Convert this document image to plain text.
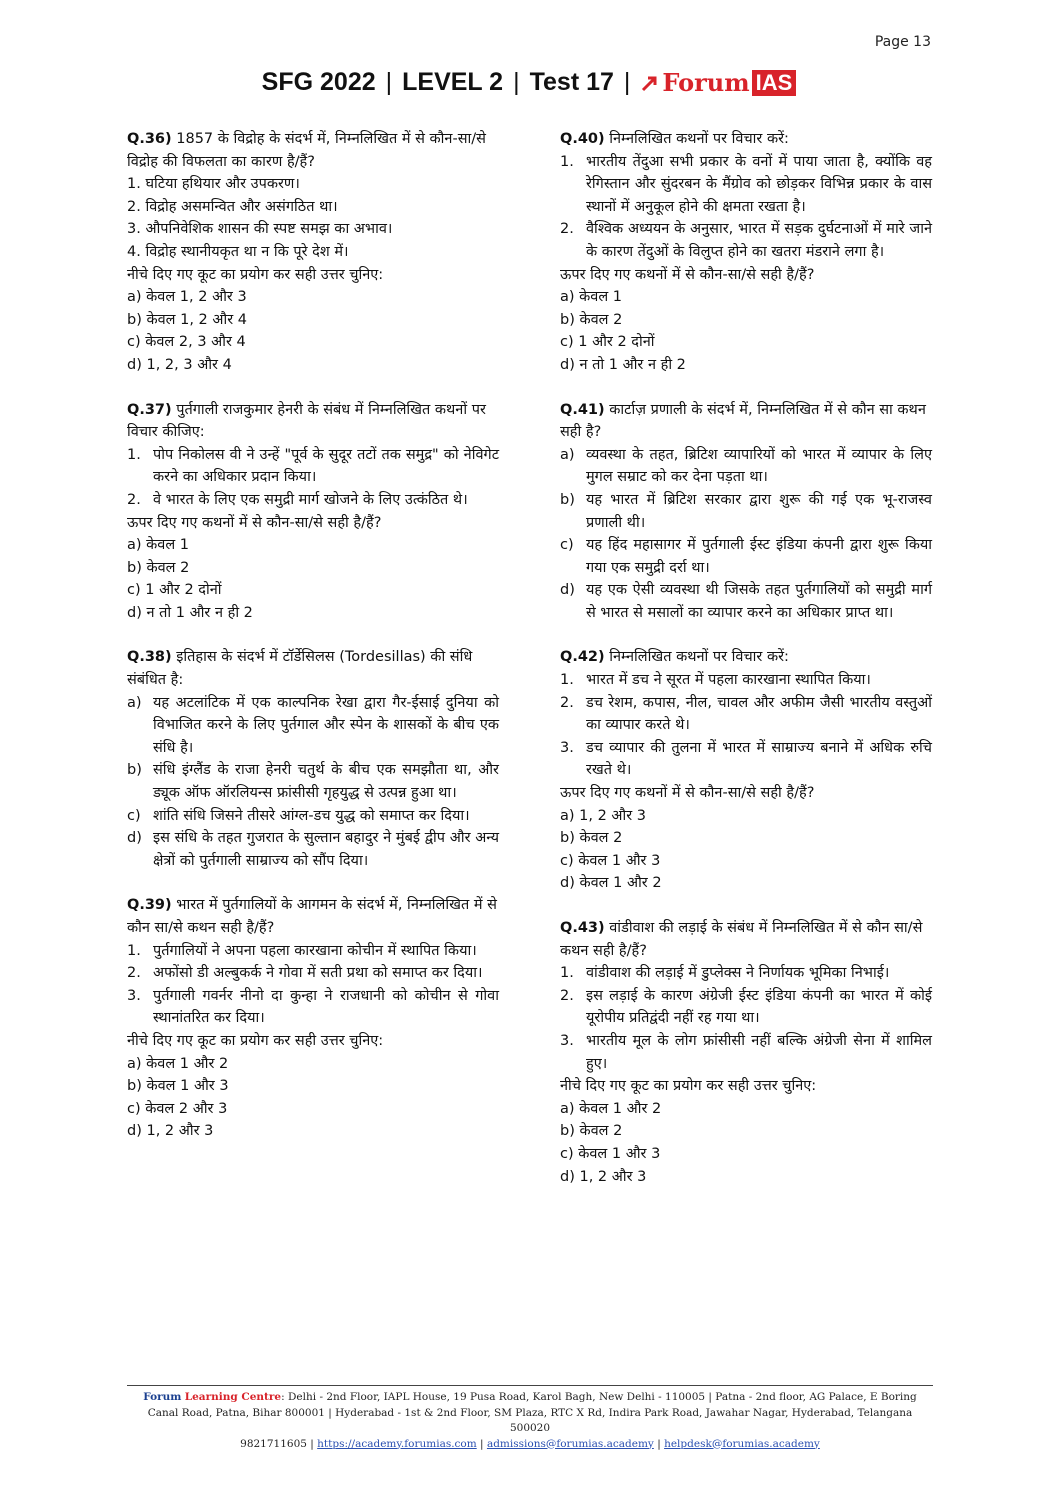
Page 13
SFG 2022 | LEVEL 2 | Test 17 | Forum IAS

Q.36) 1857 के विद्रोह के संदर्भ में, निम्नलिखित में से कौन-सा/से विद्रोह की विफलता का कारण है/हैं?

1. घटिया हथियार और उपकरण।

2. विद्रोह असमन्वित और असंगठित था।

3. औपनिवेशिक शासन की स्पष्ट समझ का अभाव।

4. विद्रोह स्थानीयकृत था न कि पूरे देश में।

नीचे दिए गए कूट का प्रयोग कर सही उत्तर चुनिए:

a) केवल 1, 2 और 3

b) केवल 1, 2 और 4

c) केवल 2, 3 और 4

d) 1, 2, 3 और 4

Q.37) पुर्तगाली राजकुमार हेनरी के संबंध में निम्नलिखित कथनों पर विचार कीजिए:

1. पोप निकोलस वी ने उन्हें "पूर्व के सुदूर तटों तक समुद्र" को नेविगेट करने का अधिकार प्रदान किया।
2. वे भारत के लिए एक समुद्री मार्ग खोजने के लिए उत्कंठित थे।

ऊपर दिए गए कथनों में से कौन-सा/से सही है/हैं?

a) केवल 1

b) केवल 2

c) 1 और 2 दोनों

d) न तो 1 और न ही 2

Q.38) इतिहास के संदर्भ में टॉर्डेसिलस (Tordesillas) की संधि संबंधित है:

a) यह अटलांटिक में एक काल्पनिक रेखा द्वारा गैर-ईसाई दुनिया को विभाजित करने के लिए पुर्तगाल और स्पेन के शासकों के बीच एक संधि है।
b) संधि इंग्लैंड के राजा हेनरी चतुर्थ के बीच एक समझौता था, और ड्यूक ऑफ ऑरलियन्स फ्रांसीसी गृहयुद्ध से उत्पन्न हुआ था।
c) शांति संधि जिसने तीसरे आंग्ल-डच युद्ध को समाप्त कर दिया।
d) इस संधि के तहत गुजरात के सुल्तान बहादुर ने मुंबई द्वीप और अन्य क्षेत्रों को पुर्तगाली साम्राज्य को सौंप दिया।

Q.39) भारत में पुर्तगालियों के आगमन के संदर्भ में, निम्नलिखित में से कौन सा/से कथन सही है/हैं?

1. पुर्तगालियों ने अपना पहला कारखाना कोचीन में स्थापित किया।
2. अफोंसो डी अल्बुकर्क ने गोवा में सती प्रथा को समाप्त कर दिया।
3. पुर्तगाली गवर्नर नीनो दा कुन्हा ने राजधानी को कोचीन से गोवा स्थानांतरित कर दिया।

नीचे दिए गए कूट का प्रयोग कर सही उत्तर चुनिए:

a) केवल 1 और 2

b) केवल 1 और 3

c) केवल 2 और 3

d) 1, 2 और 3

Q.40) निम्नलिखित कथनों पर विचार करें:

1. भारतीय तेंदुआ सभी प्रकार के वनों में पाया जाता है, क्योंकि वह रेगिस्तान और सुंदरबन के मैंग्रोव को छोड़कर विभिन्न प्रकार के वास स्थानों में अनुकूल होने की क्षमता रखता है।
2. वैश्विक अध्ययन के अनुसार, भारत में सड़क दुर्घटनाओं में मारे जाने के कारण तेंदुओं के विलुप्त होने का खतरा मंडराने लगा है।

ऊपर दिए गए कथनों में से कौन-सा/से सही है/हैं?

a) केवल 1

b) केवल 2

c) 1 और 2 दोनों

d) न तो 1 और न ही 2

Q.41) कार्टाज़ प्रणाली के संदर्भ में, निम्नलिखित में से कौन सा कथन सही है?

a) व्यवस्था के तहत, ब्रिटिश व्यापारियों को भारत में व्यापार के लिए मुगल सम्राट को कर देना पड़ता था।
b) यह भारत में ब्रिटिश सरकार द्वारा शुरू की गई एक भू-राजस्व प्रणाली थी।
c) यह हिंद महासागर में पुर्तगाली ईस्ट इंडिया कंपनी द्वारा शुरू किया गया एक समुद्री दर्रा था।
d) यह एक ऐसी व्यवस्था थी जिसके तहत पुर्तगालियों को समुद्री मार्ग से भारत से मसालों का व्यापार करने का अधिकार प्राप्त था।

Q.42) निम्नलिखित कथनों पर विचार करें:

1. भारत में डच ने सूरत में पहला कारखाना स्थापित किया।
2. डच रेशम, कपास, नील, चावल और अफीम जैसी भारतीय वस्तुओं का व्यापार करते थे।
3. डच व्यापार की तुलना में भारत में साम्राज्य बनाने में अधिक रुचि रखते थे।

ऊपर दिए गए कथनों में से कौन-सा/से सही है/हैं?

a) 1, 2 और 3

b) केवल 2

c) केवल 1 और 3

d) केवल 1 और 2

Q.43) वांडीवाश की लड़ाई के संबंध में निम्नलिखित में से कौन सा/से कथन सही है/हैं?

1. वांडीवाश की लड़ाई में डुप्लेक्स ने निर्णायक भूमिका निभाई।
2. इस लड़ाई के कारण अंग्रेजी ईस्ट इंडिया कंपनी का भारत में कोई यूरोपीय प्रतिद्वंदी नहीं रह गया था।
3. भारतीय मूल के लोग फ्रांसीसी नहीं बल्कि अंग्रेजी सेना में शामिल हुए।

नीचे दिए गए कूट का प्रयोग कर सही उत्तर चुनिए:

a) केवल 1 और 2

b) केवल 2

c) केवल 1 और 3

d) 1, 2 और 3

Forum Learning Centre: Delhi - 2nd Floor, IAPL House, 19 Pusa Road, Karol Bagh, New Delhi - 110005 | Patna - 2nd floor, AG Palace, E Boring Canal Road, Patna, Bihar 800001 | Hyderabad - 1st & 2nd Floor, SM Plaza, RTC X Rd, Indira Park Road, Jawahar Nagar, Hyderabad, Telangana 500020
9821711605 | https://academy.forumias.com | admissions@forumias.academy | helpdesk@forumias.academy
